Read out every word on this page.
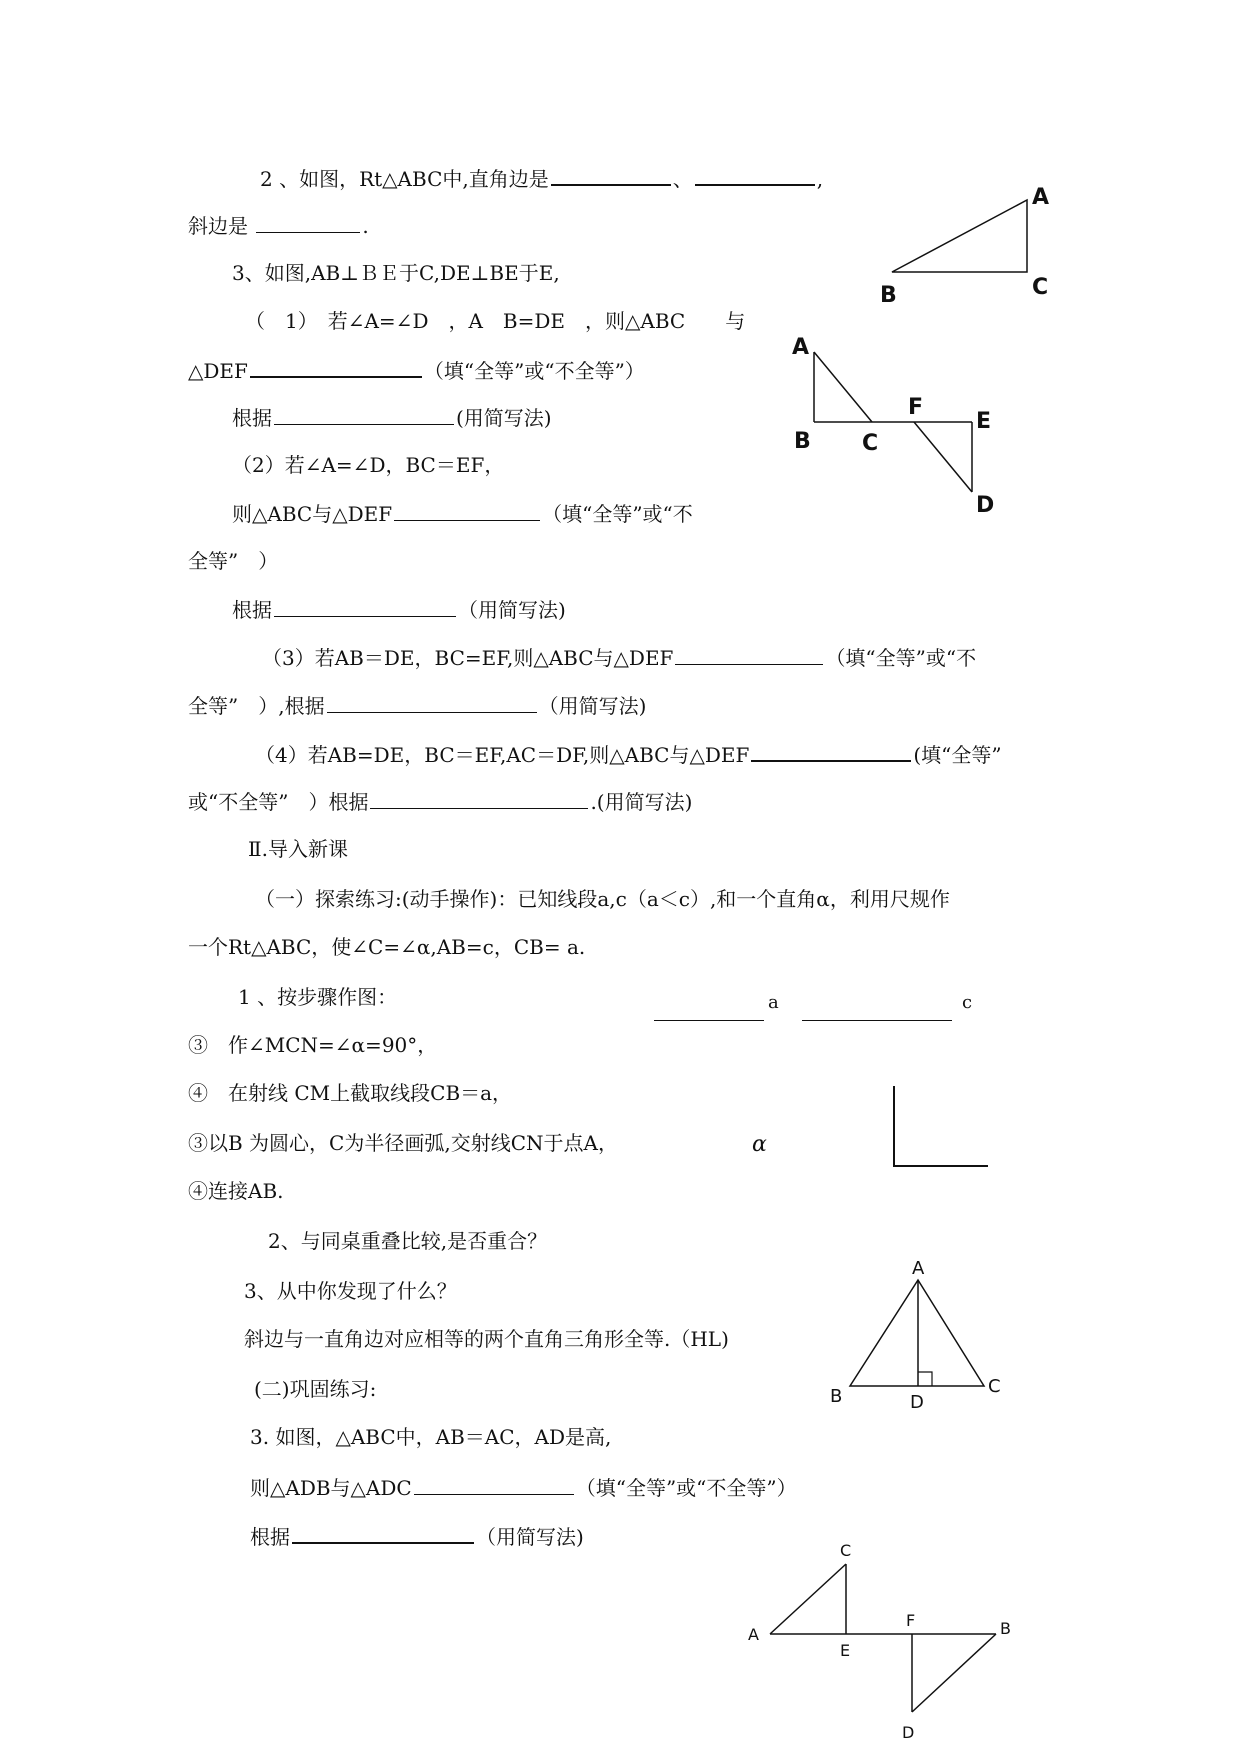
2 、如图，Rt△ABC中,直角边是	、	,
斜边是	.
3、如图,AB⊥ＢＥ于C,DE⊥BE于E,
（　1）　若∠A=∠D　，A　B=DE　，则△ABC　　与
△DEF	（填“全等”或“不全等”）
根据	(用简写法)
（2）若∠A=∠D，BC＝EF，
则△ABC与△DEF	（填“全等”或“不
全等”　）
根据	（用简写法)
（3）若AB＝DE，BC=EF,则△ABC与△DEF	（填“全等”或“不
全等”　）,根据	（用简写法)
（4）若AB=DE，BC＝EF,AC＝DF,则△ABC与△DEF	(填“全等”
或“不全等”　）根据	.(用简写法)
Ⅱ.导入新课
（一）探索练习:(动手操作)：已知线段a,c（a＜c）,和一个直角α，利用尺规作
一个Rt△ABC，使∠C=∠α,AB=c，CB= a.
1 、按步骤作图：
③　作∠MCN=∠α=90°，
④　在射线 CM上截取线段CB＝a，
③以B 为圆心，C为半径画弧,交射线CN于点A，
④连接AB.
2、与同桌重叠比较,是否重合？
3、从中你发现了什么？
斜边与一直角边对应相等的两个直角三角形全等.（HL)
(二)巩固练习:
3. 如图，△ABC中，AB＝AC，AD是高,
则△ADB与△ADC	（填“全等”或“不全等”）
根据	（用简写法)
a	c
α
A
B	C
A
B C
F
E
D
A
B	C
D
C
A
E
F	B
D
